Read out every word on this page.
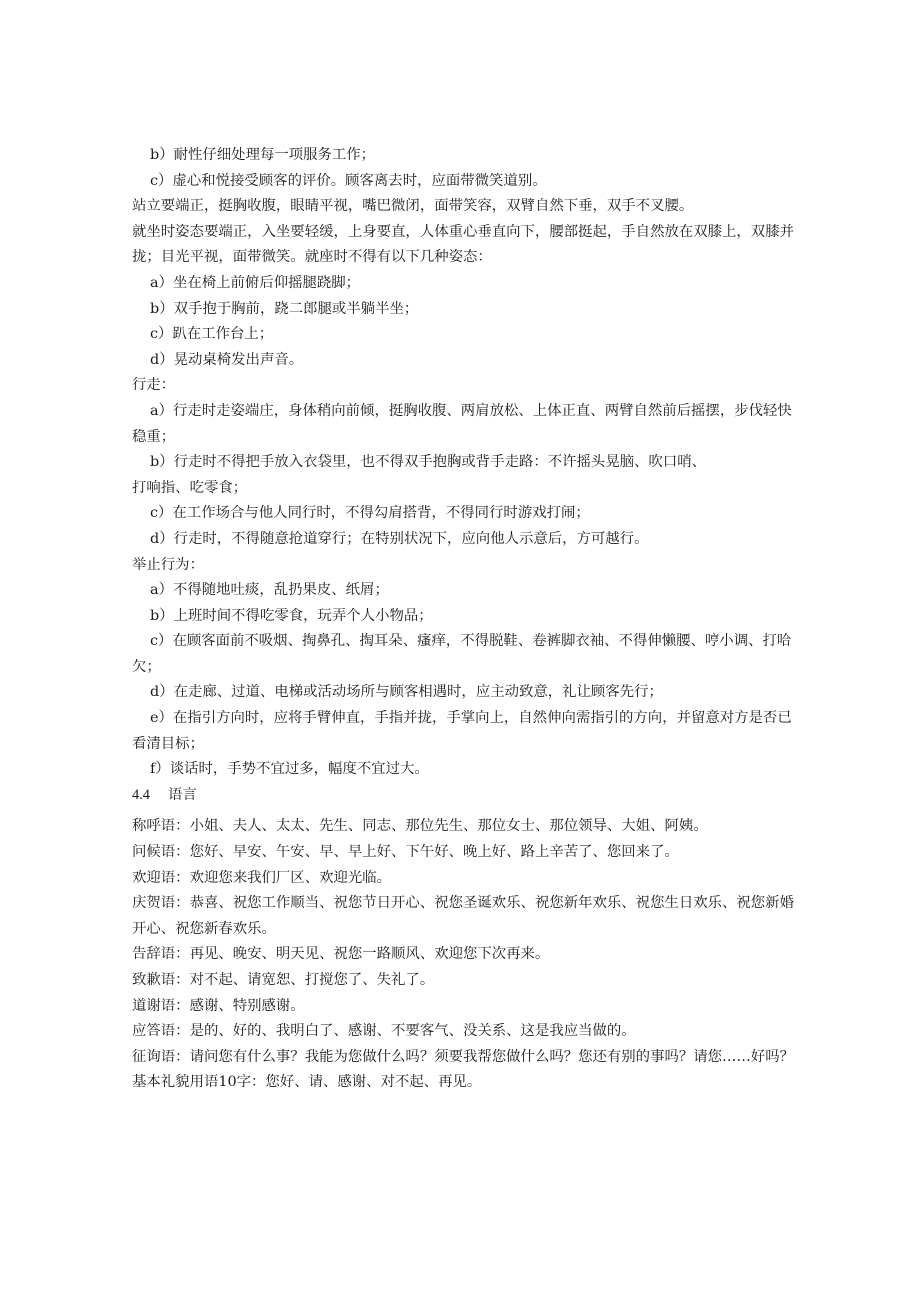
b）耐性仔细处理每一项服务工作；

c）虚心和悦接受顾客的评价。顾客离去时，应面带微笑道别。

站立要端正，挺胸收腹，眼睛平视，嘴巴微闭，面带笑容，双臂自然下垂，双手不叉腰。

就坐时姿态要端正，入坐要轻缓，上身要直，人体重心垂直向下，腰部挺起，手自然放在双膝上，双膝并拢；目光平视，面带微笑。就座时不得有以下几种姿态：

a）坐在椅上前俯后仰摇腿跷脚；

b）双手抱于胸前，跷二郎腿或半躺半坐；

c）趴在工作台上；

d）晃动桌椅发出声音。

行走：

a）行走时走姿端庄，身体稍向前倾，挺胸收腹、两肩放松、上体正直、两臂自然前后摇摆，步伐轻快稳重；

b）行走时不得把手放入衣袋里，也不得双手抱胸或背手走路：不许摇头晃脑、吹口哨、

打响指、吃零食；

c）在工作场合与他人同行时，不得勾肩搭背，不得同行时游戏打闹；

d）行走时，不得随意抢道穿行；在特别状况下，应向他人示意后，方可越行。

举止行为：

a）不得随地吐痰，乱扔果皮、纸屑；

b）上班时间不得吃零食，玩弄个人小物品；

c）在顾客面前不吸烟、掏鼻孔、掏耳朵、瘙痒，不得脱鞋、卷裤脚衣袖、不得伸懒腰、哼小调、打哈欠；

d）在走廊、过道、电梯或活动场所与顾客相遇时，应主动致意，礼让顾客先行；

e）在指引方向时，应将手臂伸直，手指并拢，手掌向上，自然伸向需指引的方向，并留意对方是否已看清目标；

f）谈话时，手势不宜过多，幅度不宜过大。

4.4 语言

称呼语：小姐、夫人、太太、先生、同志、那位先生、那位女士、那位领导、大姐、阿姨。

问候语：您好、早安、午安、早、早上好、下午好、晚上好、路上辛苦了、您回来了。

欢迎语：欢迎您来我们厂区、欢迎光临。

庆贺语：恭喜、祝您工作顺当、祝您节日开心、祝您圣诞欢乐、祝您新年欢乐、祝您生日欢乐、祝您新婚开心、祝您新春欢乐。

告辞语：再见、晚安、明天见、祝您一路顺风、欢迎您下次再来。

致歉语：对不起、请宽恕、打搅您了、失礼了。

道谢语：感谢、特别感谢。

应答语：是的、好的、我明白了、感谢、不要客气、没关系、这是我应当做的。

征询语：请问您有什么事？我能为您做什么吗？须要我帮您做什么吗？您还有别的事吗？请您……好吗？

基本礼貌用语10字：您好、请、感谢、对不起、再见。
